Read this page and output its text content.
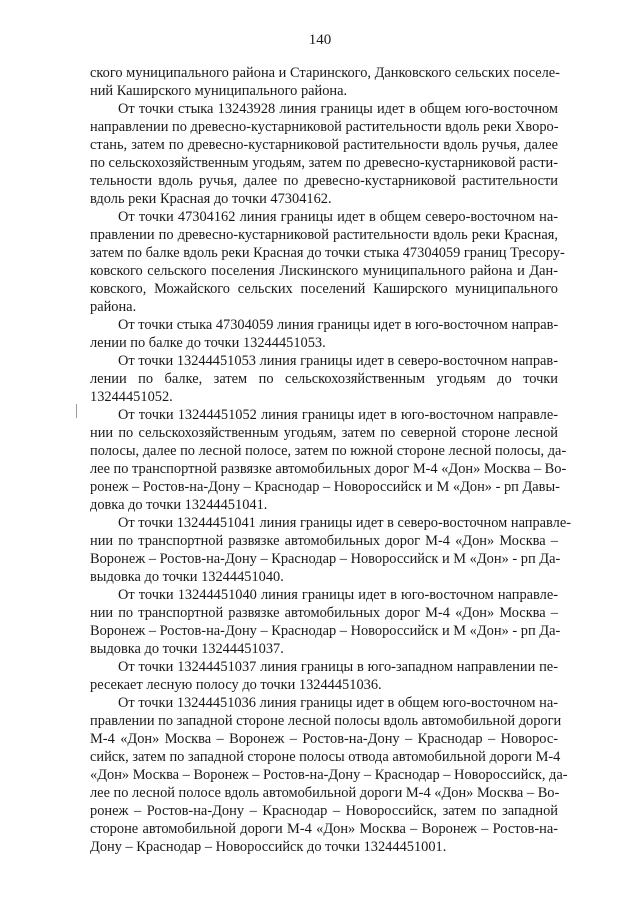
140
ского муниципального района и Старинского, Данковского сельских поселе-
ний Каширского муниципального района.
От точки стыка 13243928 линия границы идет в общем юго-восточном
направлении по древесно-кустарниковой растительности вдоль реки Хворо-
стань, затем по древесно-кустарниковой растительности вдоль ручья, далее
по сельскохозяйственным угодьям, затем по древесно-кустарниковой расти-
тельности вдоль ручья, далее по древесно-кустарниковой растительности
вдоль реки Красная до точки 47304162.
От точки 47304162 линия границы идет в общем северо-восточном на-
правлении по древесно-кустарниковой растительности вдоль реки Красная,
затем по балке вдоль реки Красная до точки стыка 47304059 границ Тресору-
ковского сельского поселения Лискинского муниципального района и Дан-
ковского, Можайского сельских поселений Каширского муниципального
района.
От точки стыка 47304059 линия границы идет в юго-восточном направ-
лении по балке до точки 13244451053.
От точки 13244451053 линия границы идет в северо-восточном направ-
лении по балке, затем по сельскохозяйственным угодьям до точки
13244451052.
От точки 13244451052 линия границы идет в юго-восточном направле-
нии по сельскохозяйственным угодьям, затем по северной стороне лесной
полосы, далее по лесной полосе, затем по южной стороне лесной полосы, да-
лее по транспортной развязке автомобильных дорог М-4 «Дон» Москва – Во-
ронеж – Ростов-на-Дону – Краснодар – Новороссийск и М «Дон» - рп Давы-
довка до точки 13244451041.
От точки 13244451041 линия границы идет в северо-восточном направле-
нии по транспортной развязке автомобильных дорог М-4 «Дон» Москва –
Воронеж – Ростов-на-Дону – Краснодар – Новороссийск и М «Дон» - рп Да-
выдовка до точки 13244451040.
От точки 13244451040 линия границы идет в юго-восточном направле-
нии по транспортной развязке автомобильных дорог М-4 «Дон» Москва –
Воронеж – Ростов-на-Дону – Краснодар – Новороссийск и М «Дон» - рп Да-
выдовка до точки 13244451037.
От точки 13244451037 линия границы в юго-западном направлении пе-
ресекает лесную полосу до точки 13244451036.
От точки 13244451036 линия границы идет в общем юго-восточном на-
правлении по западной стороне лесной полосы вдоль автомобильной дороги
М-4 «Дон» Москва – Воронеж – Ростов-на-Дону – Краснодар – Новорос-
сийск, затем по западной стороне полосы отвода автомобильной дороги М-4
«Дон» Москва – Воронеж – Ростов-на-Дону – Краснодар – Новороссийск, да-
лее по лесной полосе вдоль автомобильной дороги М-4 «Дон» Москва – Во-
ронеж – Ростов-на-Дону – Краснодар – Новороссийск, затем по западной
стороне автомобильной дороги М-4 «Дон» Москва – Воронеж – Ростов-на-
Дону – Краснодар – Новороссийск до точки 13244451001.
